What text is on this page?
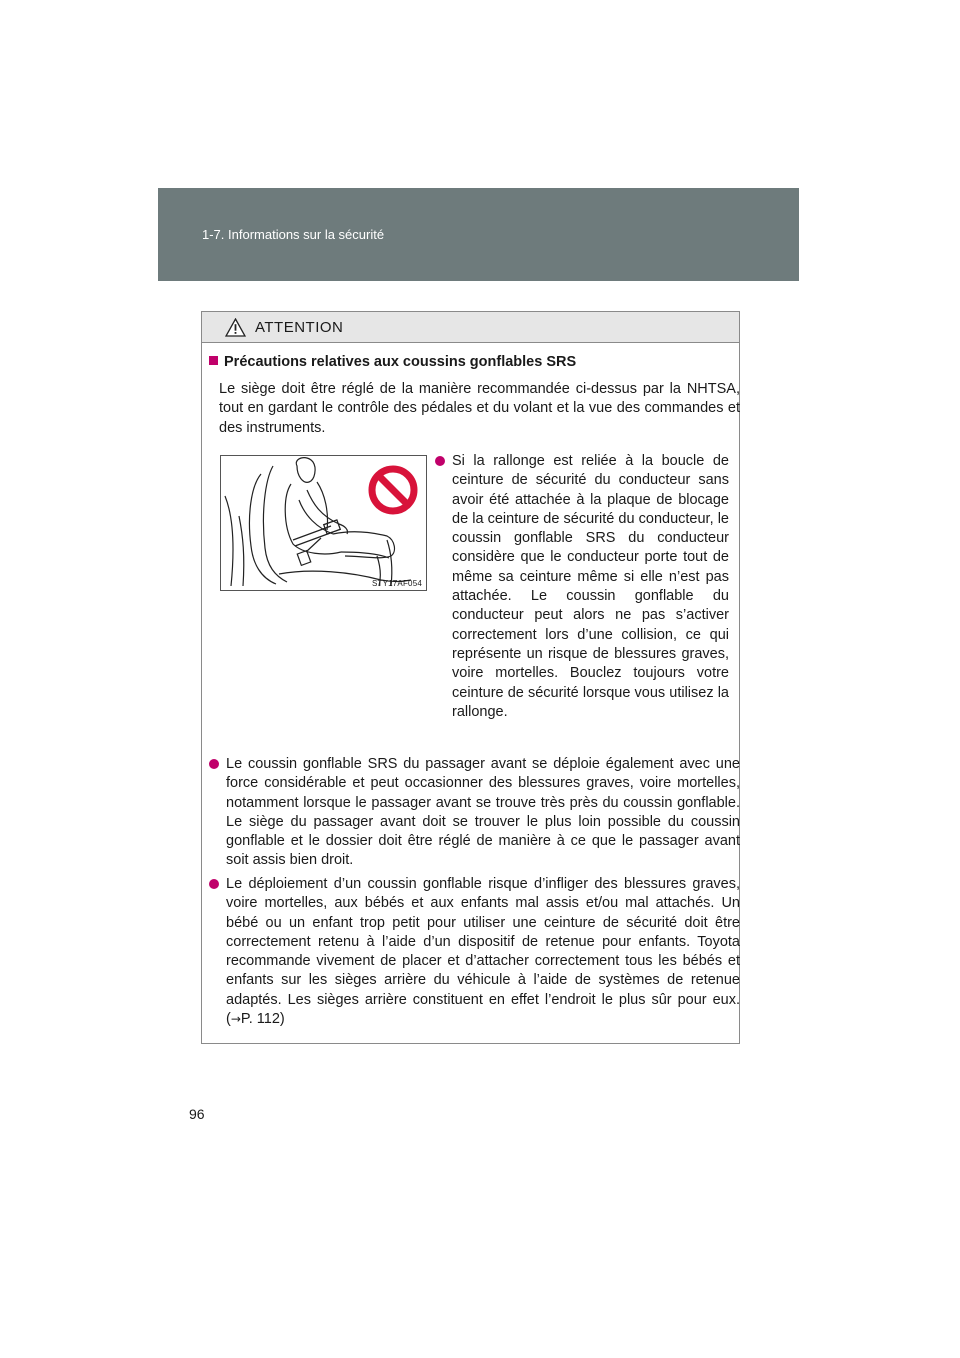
1-7. Informations sur la sécurité
ATTENTION
Précautions relatives aux coussins gonflables SRS
Le siège doit être réglé de la manière recommandée ci-dessus par la NHTSA, tout en gardant le contrôle des pédales et du volant et la vue des commandes et des instruments.
STY17AF054
Si la rallonge est reliée à la boucle de ceinture de sécurité du conducteur sans avoir été attachée à la plaque de blocage de la ceinture de sécurité du conducteur, le coussin gonflable SRS du conducteur considère que le conducteur porte tout de même sa ceinture même si elle n’est pas attachée. Le coussin gonflable du conducteur peut alors ne pas s’activer correctement lors d’une collision, ce qui représente un risque de blessures graves, voire mortelles. Bouclez toujours votre ceinture de sécurité lorsque vous utilisez la rallonge.
Le coussin gonflable SRS du passager avant se déploie également avec une force considérable et peut occasionner des blessures graves, voire mortelles, notamment lorsque le passager avant se trouve très près du coussin gonflable. Le siège du passager avant doit se trouver le plus loin possible du coussin gonflable et le dossier doit être réglé de manière à ce que le passager avant soit assis bien droit.
Le déploiement d’un coussin gonflable risque d’infliger des blessures graves, voire mortelles, aux bébés et aux enfants mal assis et/ou mal attachés. Un bébé ou un enfant trop petit pour utiliser une ceinture de sécurité doit être correctement retenu à l’aide d’un dispositif de retenue pour enfants. Toyota recommande vivement de placer et d’attacher correctement tous les bébés et enfants sur les sièges arrière du véhicule à l’aide de systèmes de retenue adaptés. Les sièges arrière constituent en effet l’endroit le plus sûr pour eux. (→P. 112)
96
